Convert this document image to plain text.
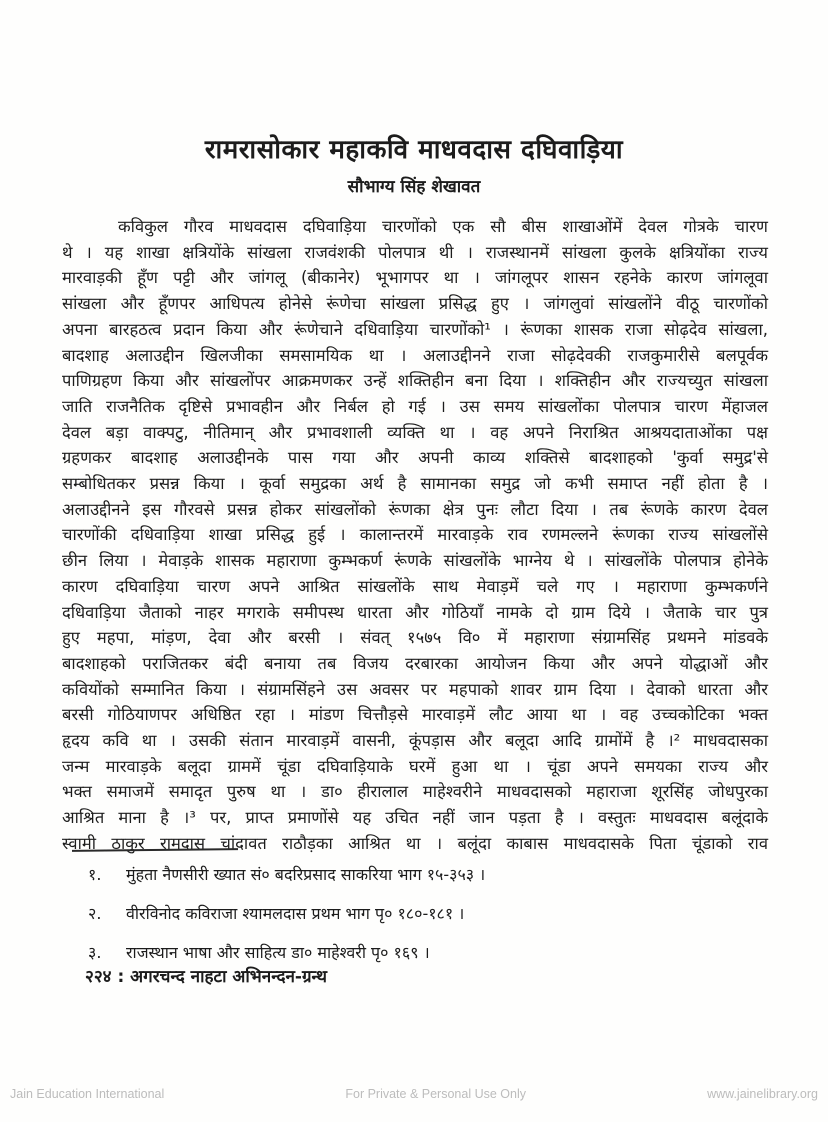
रामरासोकार महाकवि माधवदास दघिवाड़िया
सौभाग्य सिंह शेखावत
कविकुल गौरव माधवदास दघिवाड़िया चारणोंको एक सौ बीस शाखाओंमें देवल गोत्रके चारण
थे । यह शाखा क्षत्रियोंके सांखला राजवंशकी पोलपात्र थी । राजस्थानमें सांखला कुलके क्षत्रियोंका राज्य
मारवाड़की हूँण पट्टी और जांगलू (बीकानेर) भूभागपर था । जांगलूपर शासन रहनेके कारण जांगलूवा
सांखला और हूँणपर आधिपत्य होनेसे रूंणेचा सांखला प्रसिद्ध हुए । जांगलुवां सांखलोंने वीठू चारणोंको
अपना बारहठत्व प्रदान किया और रूंणेचाने दधिवाड़िया चारणोंको¹ । रूंणका शासक राजा सोढ़देव सांखला,
बादशाह अलाउद्दीन खिलजीका समसामयिक था । अलाउद्दीनने राजा सोढ़देवकी राजकुमारीसे बलपूर्वक
पाणिग्रहण किया और सांखलोंपर आक्रमणकर उन्हें शक्तिहीन बना दिया । शक्तिहीन और राज्यच्युत सांखला
जाति राजनैतिक दृष्टिसे प्रभावहीन और निर्बल हो गई । उस समय सांखलोंका पोलपात्र चारण मेंहाजल
देवल बड़ा वाक्पटु, नीतिमान् और प्रभावशाली व्यक्ति था । वह अपने निराश्रित आश्रयदाताओंका पक्ष
ग्रहणकर बादशाह अलाउद्दीनके पास गया और अपनी काव्य शक्तिसे बादशाहको 'कुर्वा समुद्र'से
सम्बोधितकर प्रसन्न किया । कूर्वा समुद्रका अर्थ है सामानका समुद्र जो कभी समाप्त नहीं होता है ।
अलाउद्दीनने इस गौरवसे प्रसन्न होकर सांखलोंको रूंणका क्षेत्र पुनः लौटा दिया । तब रूंणके कारण देवल
चारणोंकी दधिवाड़िया शाखा प्रसिद्ध हुई । कालान्तरमें मारवाड़के राव रणमल्लने रूंणका राज्य सांखलोंसे
छीन लिया । मेवाड़के शासक महाराणा कुम्भकर्ण रूंणके सांखलोंके भाग्नेय थे । सांखलोंके पोलपात्र होनेके
कारण दघिवाड़िया चारण अपने आश्रित सांखलोंके साथ मेवाड़में चले गए । महाराणा कुम्भकर्णने
दधिवाड़िया जैताको नाहर मगराके समीपस्थ धारता और गोठियाँ नामके दो ग्राम दिये । जैताके चार पुत्र
हुए महपा, मांड़ण, देवा और बरसी । संवत् १५७५ वि० में महाराणा संग्रामसिंह प्रथमने मांडवके
बादशाहको पराजितकर बंदी बनाया तब विजय दरबारका आयोजन किया और अपने योद्धाओं और
कवियोंको सम्मानित किया । संग्रामसिंहने उस अवसर पर महपाको शावर ग्राम दिया । देवाको धारता और
बरसी गोठियाणपर अधिष्ठित रहा । मांडण चित्तौड़से मारवाड़में लौट आया था । वह उच्चकोटिका भक्त
हृदय कवि था । उसकी संतान मारवाड़में वासनी, कूंपड़ास और बलूदा आदि ग्रामोंमें है ।² माधवदासका
जन्म मारवाड़के बलूदा ग्राममें चूंडा दघिवाड़ियाके घरमें हुआ था । चूंडा अपने समयका राज्य और
भक्त समाजमें समादृत पुरुष था । डा० हीरालाल माहेश्वरीने माधवदासको महाराजा शूरसिंह जोधपुरका
आश्रित माना है ।³ पर, प्राप्त प्रमाणोंसे यह उचित नहीं जान पड़ता है । वस्तुतः माधवदास बलूंदाके
स्वामी ठाकुर रामदास चांदावत राठौड़का आश्रित था । बलूंदा काबास माधवदासके पिता चूंडाको राव
१.	मुंहता नैणसीरी ख्यात सं० बदरिप्रसाद साकरिया भाग १५-३५३ ।
२.	वीरविनोद कविराजा श्यामलदास प्रथम भाग पृ० १८०-१८१ ।
३.	राजस्थान भाषा और साहित्य डा० माहेश्वरी पृ० १६९ ।
२२४ : अगरचन्द नाहटा अभिनन्दन-ग्रन्थ
Jain Education International	For Private & Personal Use Only	www.jainelibrary.org
